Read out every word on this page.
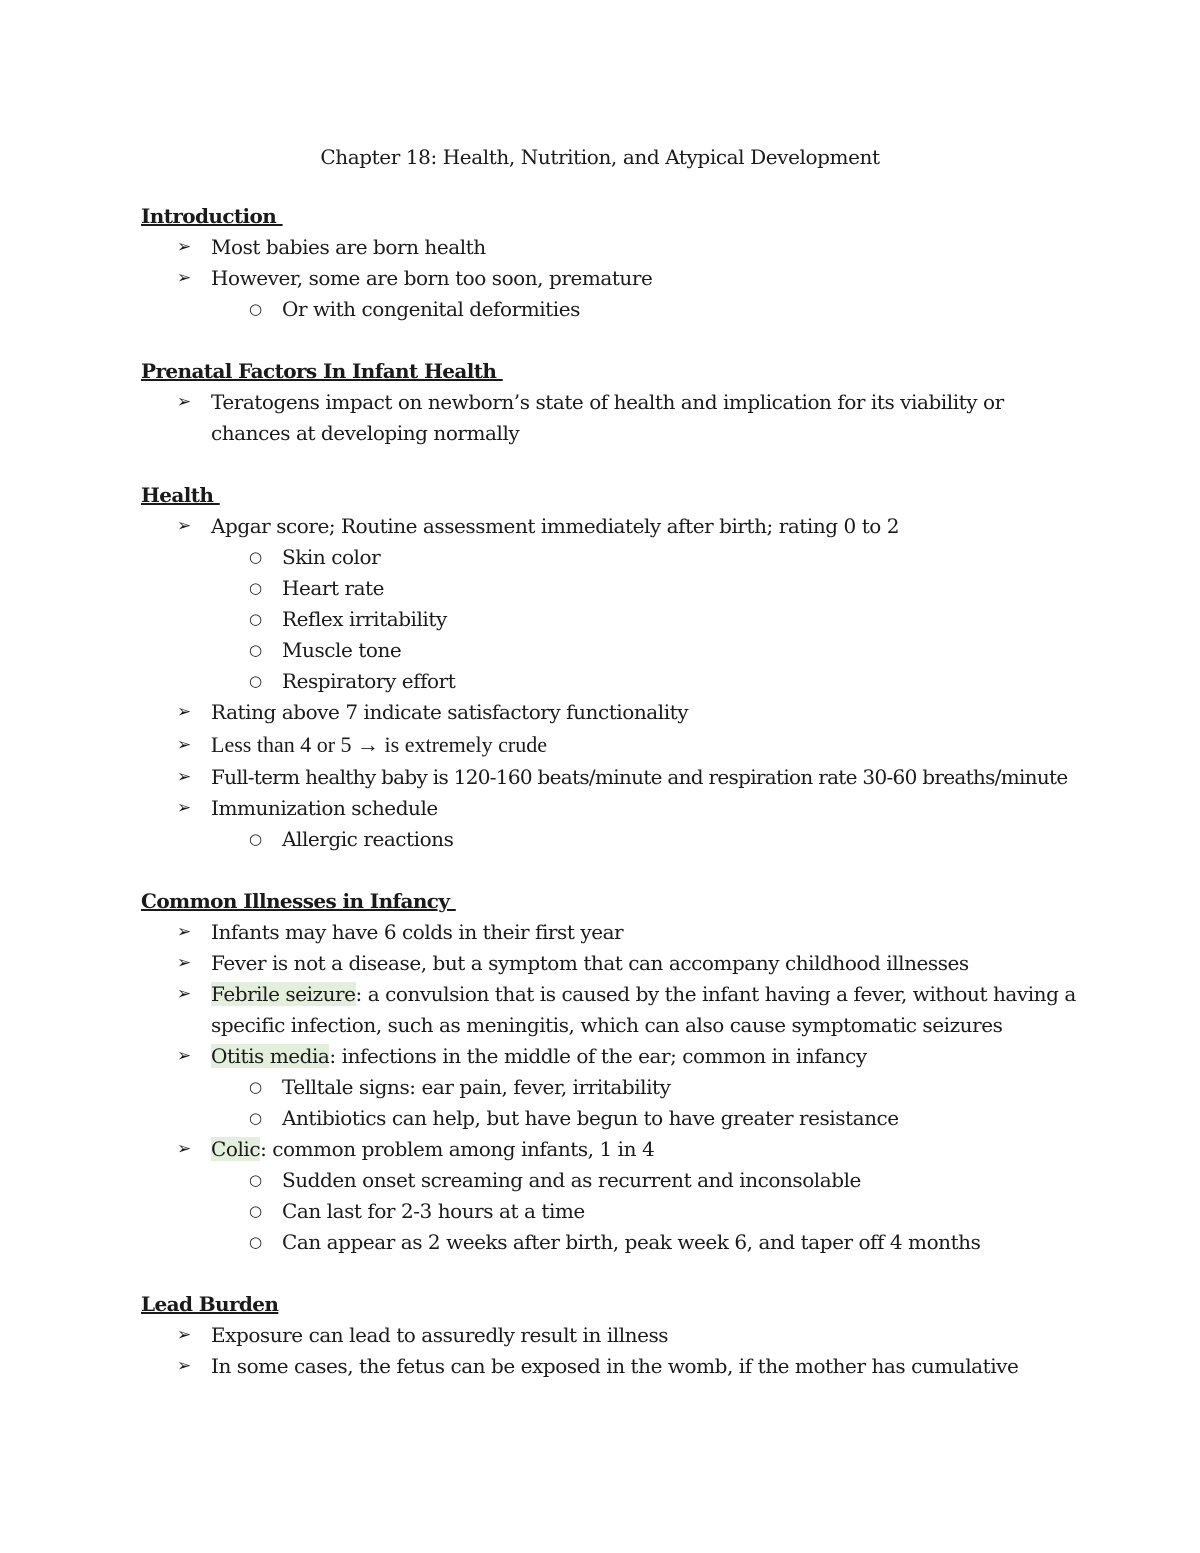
Chapter 18: Health, Nutrition, and Atypical Development
Introduction
➢ Most babies are born health
➢ However, some are born too soon, premature
○ Or with congenital deformities
Prenatal Factors In Infant Health
➢ Teratogens impact on newborn’s state of health and implication for its viability or chances at developing normally
Health
➢ Apgar score; Routine assessment immediately after birth; rating 0 to 2
○ Skin color
○ Heart rate
○ Reflex irritability
○ Muscle tone
○ Respiratory effort
➢ Rating above 7 indicate satisfactory functionality
➢ Less than 4 or 5 → is extremely crude
➢ Full-term healthy baby is 120-160 beats/minute and respiration rate 30-60 breaths/minute
➢ Immunization schedule
○ Allergic reactions
Common Illnesses in Infancy
➢ Infants may have 6 colds in their first year
➢ Fever is not a disease, but a symptom that can accompany childhood illnesses
➢ Febrile seizure: a convulsion that is caused by the infant having a fever, without having a specific infection, such as meningitis, which can also cause symptomatic seizures
➢ Otitis media: infections in the middle of the ear; common in infancy
○ Telltale signs: ear pain, fever, irritability
○ Antibiotics can help, but have begun to have greater resistance
➢ Colic: common problem among infants, 1 in 4
○ Sudden onset screaming and as recurrent and inconsolable
○ Can last for 2-3 hours at a time
○ Can appear as 2 weeks after birth, peak week 6, and taper off 4 months
Lead Burden
➢ Exposure can lead to assuredly result in illness
➢ In some cases, the fetus can be exposed in the womb, if the mother has cumulative
